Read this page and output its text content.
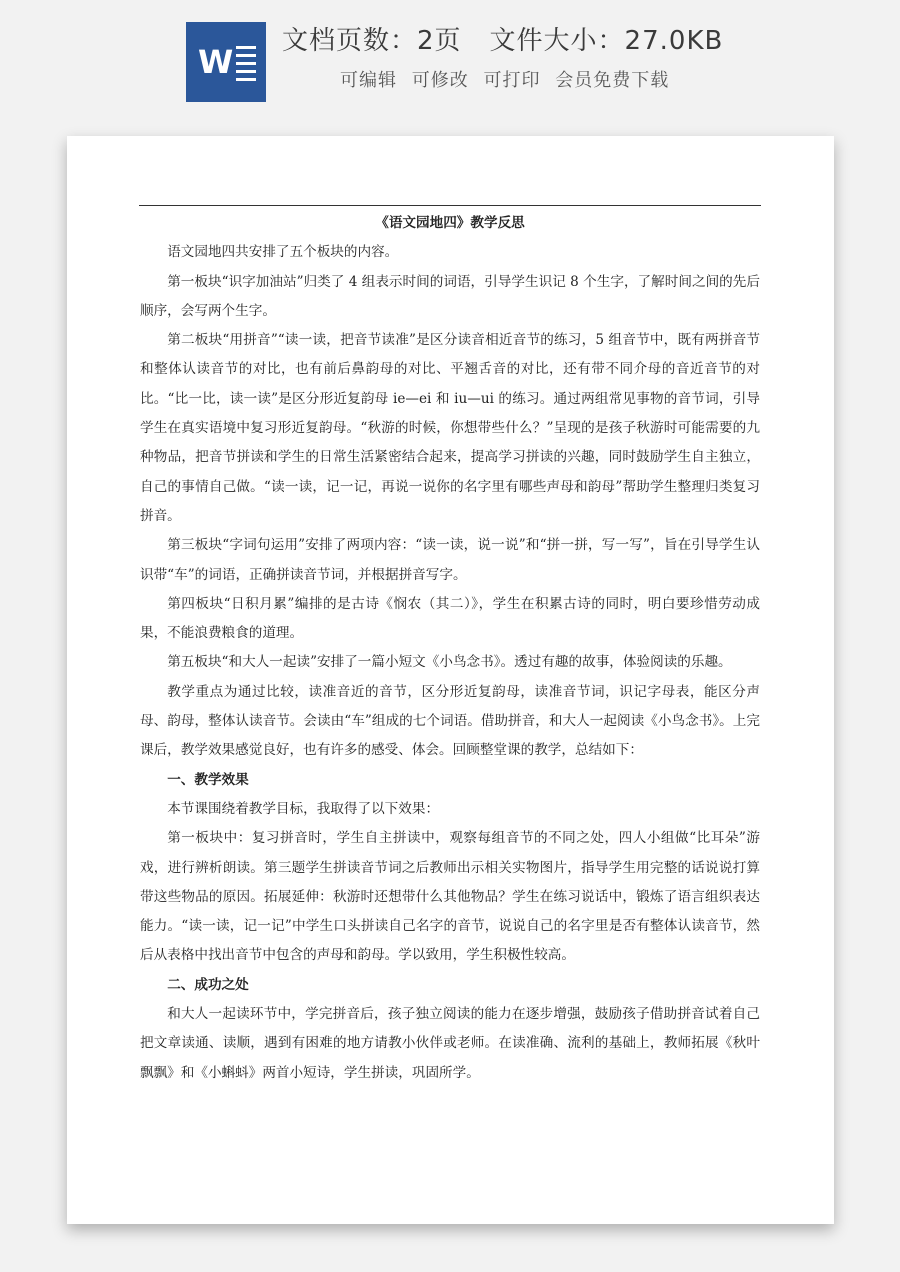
W
文档页数：2页 文件大小：27.0KB
可编辑 可修改 可打印 会员免费下载
《语文园地四》教学反思

语文园地四共安排了五个板块的内容。

第一板块“识字加油站”归类了 4 组表示时间的词语，引导学生识记 8 个生字，了解时间之间的先后顺序，会写两个生字。

第二板块“用拼音”“读一读，把音节读准”是区分读音相近音节的练习，5 组音节中，既有两拼音节和整体认读音节的对比，也有前后鼻韵母的对比、平翘舌音的对比，还有带不同介母的音近音节的对比。“比一比，读一读”是区分形近复韵母 ie—ei 和 iu—ui 的练习。通过两组常见事物的音节词，引导学生在真实语境中复习形近复韵母。“秋游的时候，你想带些什么？”呈现的是孩子秋游时可能需要的九种物品，把音节拼读和学生的日常生活紧密结合起来，提高学习拼读的兴趣，同时鼓励学生自主独立，自己的事情自己做。“读一读，记一记，再说一说你的名字里有哪些声母和韵母”帮助学生整理归类复习拼音。

第三板块“字词句运用”安排了两项内容：“读一读，说一说”和“拼一拼，写一写”，旨在引导学生认识带“车”的词语，正确拼读音节词，并根据拼音写字。

第四板块“日积月累”编排的是古诗《悯农（其二）》，学生在积累古诗的同时，明白要珍惜劳动成果，不能浪费粮食的道理。

第五板块“和大人一起读”安排了一篇小短文《小鸟念书》。透过有趣的故事，体验阅读的乐趣。

教学重点为通过比较，读准音近的音节，区分形近复韵母，读准音节词，识记字母表，能区分声母、韵母，整体认读音节。会读由“车”组成的七个词语。借助拼音，和大人一起阅读《小鸟念书》。上完课后，教学效果感觉良好，也有许多的感受、体会。回顾整堂课的教学，总结如下：

一、教学效果

本节课围绕着教学目标，我取得了以下效果：

第一板块中：复习拼音时，学生自主拼读中，观察每组音节的不同之处，四人小组做“比耳朵”游戏，进行辨析朗读。第三题学生拼读音节词之后教师出示相关实物图片，指导学生用完整的话说说打算带这些物品的原因。拓展延伸：秋游时还想带什么其他物品？学生在练习说话中，锻炼了语言组织表达能力。“读一读，记一记”中学生口头拼读自己名字的音节，说说自己的名字里是否有整体认读音节，然后从表格中找出音节中包含的声母和韵母。学以致用，学生积极性较高。

二、成功之处

和大人一起读环节中，学完拼音后，孩子独立阅读的能力在逐步增强，鼓励孩子借助拼音试着自己把文章读通、读顺，遇到有困难的地方请教小伙伴或老师。在读准确、流利的基础上，教师拓展《秋叶飘飘》和《小蝌蚪》两首小短诗，学生拼读，巩固所学。
